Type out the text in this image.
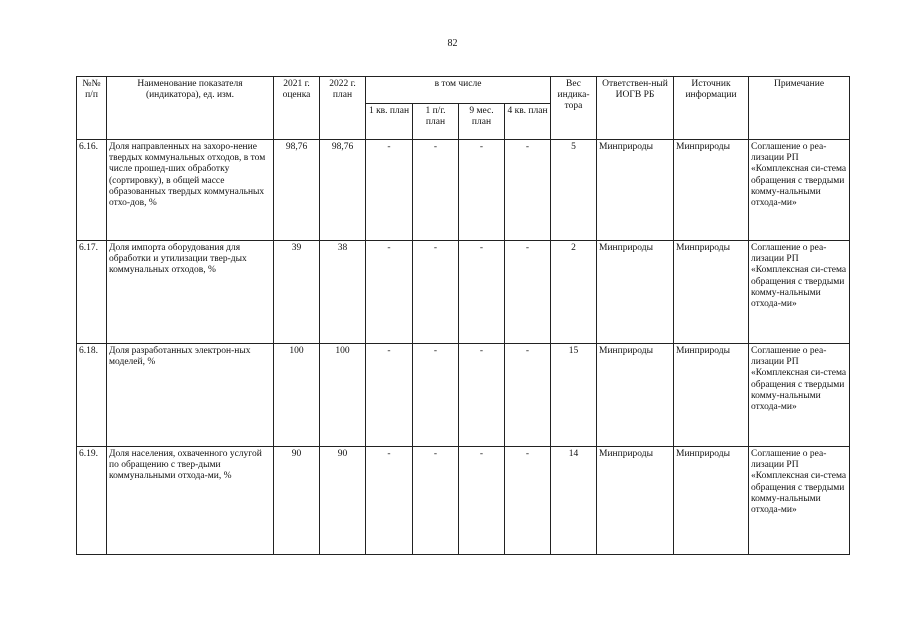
82
№№ п/п	Наименование показателя (индикатора), ед. изм.	2021 г. оценка	2022 г. план	в том числе				Вес индика-тора	Ответствен-ный ИОГВ РБ	Источник информации	Примечание
				1 кв. план	1 п/г. план	9 мес. план	4 кв. план				
6.16.	Доля направленных на захоро-нение твердых коммунальных отходов, в том числе прошед-ших обработку (сортировку), в общей массе образованных твердых коммунальных отхо-дов, %	98,76	98,76	-	-	-	-	5	Минприроды	Минприроды	Соглашение о реа-лизации РП «Комплексная си-стема обращения с твердыми комму-нальными отхода-ми»
6.17.	Доля импорта оборудования для обработки и утилизации твер-дых коммунальных отходов, %	39	38	-	-	-	-	2	Минприроды	Минприроды	Соглашение о реа-лизации РП «Комплексная си-стема обращения с твердыми комму-нальными отхода-ми»
6.18.	Доля разработанных электрон-ных моделей, %	100	100	-	-	-	-	15	Минприроды	Минприроды	Соглашение о реа-лизации РП «Комплексная си-стема обращения с твердыми комму-нальными отхода-ми»
6.19.	Доля населения, охваченного услугой по обращению с твер-дыми коммунальными отхода-ми, %	90	90	-	-	-	-	14	Минприроды	Минприроды	Соглашение о реа-лизации РП «Комплексная си-стема обращения с твердыми комму-нальными отхода-ми»
